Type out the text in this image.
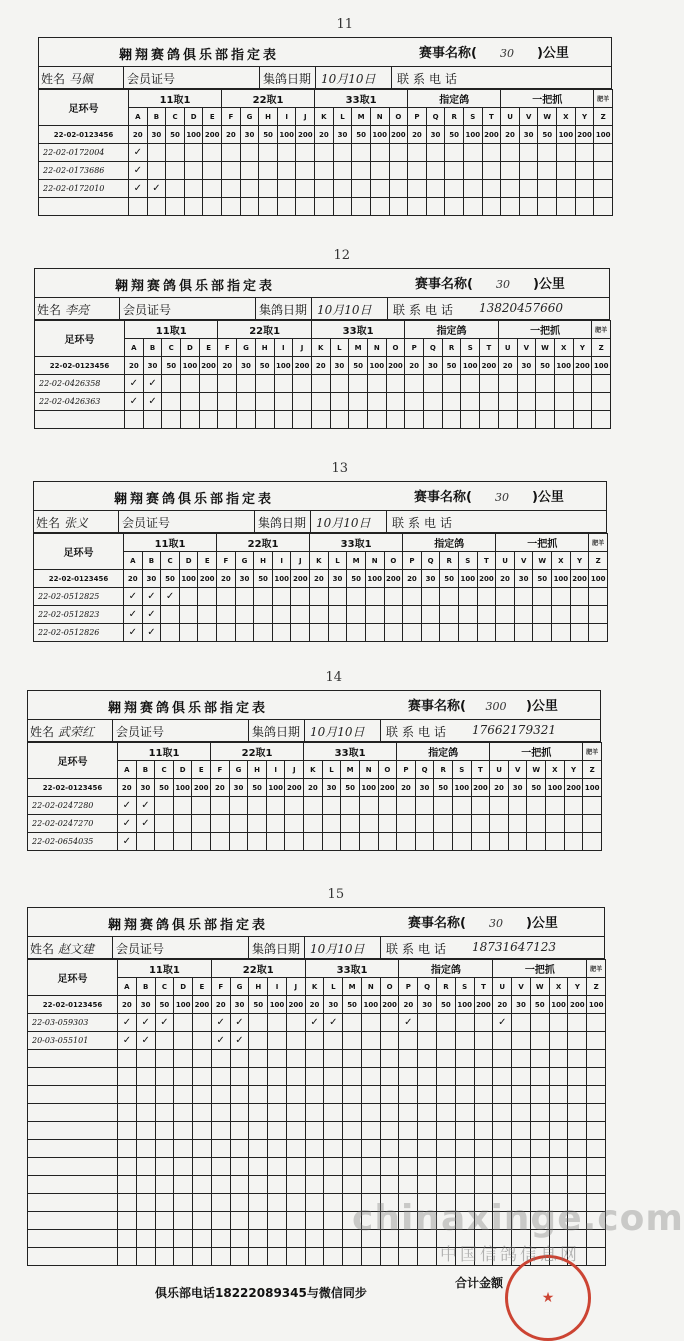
11
翱翔赛鸽俱乐部指定表	赛事名称( 30 )公里
姓名 马佩	会员证号	集鸽日期 10月10日 联系电话
足环号	11取1					22取1					33取1					指定鸽					一把抓					肥羊
	A	B	C	D	E	F	G	H	I	J	K	L	M	N	O	P	Q	R	S	T	U	V	W	X	Y	Z
22-02-0123456	20	30	50	100	200	20	30	50	100	200	20	30	50	100	200	20	30	50	100	200	20	30	50	100	200	100
22-02-0172004	✓																									
22-02-0173686	✓																									
22-02-0172010	✓	✓																								

12
翱翔赛鸽俱乐部指定表	赛事名称( 30 )公里
姓名 李亮	会员证号	集鸽日期 10月10日 联系电话 13820457660
足环号	11取1					22取1					33取1					指定鸽					一把抓					肥羊
	A	B	C	D	E	F	G	H	I	J	K	L	M	N	O	P	Q	R	S	T	U	V	W	X	Y	Z
22-02-0123456	20	30	50	100	200	20	30	50	100	200	20	30	50	100	200	20	30	50	100	200	20	30	50	100	200	100
22-02-0426358	✓	✓																								
22-02-0426363	✓	✓																								

13
翱翔赛鸽俱乐部指定表	赛事名称( 30 )公里
姓名 张义	会员证号	集鸽日期 10月10日 联系电话
足环号	11取1					22取1					33取1					指定鸽					一把抓					肥羊
	A	B	C	D	E	F	G	H	I	J	K	L	M	N	O	P	Q	R	S	T	U	V	W	X	Y	Z
22-02-0123456	20	30	50	100	200	20	30	50	100	200	20	30	50	100	200	20	30	50	100	200	20	30	50	100	200	100
22-02-0512825	✓	✓	✓																							
22-02-0512823	✓	✓																								
22-02-0512826	✓	✓																								
14
翱翔赛鸽俱乐部指定表	赛事名称( 300 )公里
姓名 武荣红 会员证号	集鸽日期 10月10日 联系电话 17662179321
足环号	11取1					22取1					33取1					指定鸽					一把抓					肥羊
	A	B	C	D	E	F	G	H	I	J	K	L	M	N	O	P	Q	R	S	T	U	V	W	X	Y	Z
22-02-0123456	20	30	50	100	200	20	30	50	100	200	20	30	50	100	200	20	30	50	100	200	20	30	50	100	200	100
22-02-0247280	✓	✓																								
22-02-0247270	✓	✓																								
22-02-0654035	✓																									
15
翱翔赛鸽俱乐部指定表	赛事名称( 30 )公里
姓名 赵文建 会员证号	集鸽日期 10月10日 联系电话 18731647123
足环号	11取1					22取1					33取1					指定鸽					一把抓					肥羊
	A	B	C	D	E	F	G	H	I	J	K	L	M	N	O	P	Q	R	S	T	U	V	W	X	Y	Z
22-02-0123456	20	30	50	100	200	20	30	50	100	200	20	30	50	100	200	20	30	50	100	200	20	30	50	100	200	100
22-03-059303	✓	✓	✓			✓	✓				✓	✓				✓					✓					
20-03-055101	✓	✓				✓	✓																			

俱乐部电话18222089345与微信同步
合计金额
★
chinaxinge.com
中国信鸽信息网
